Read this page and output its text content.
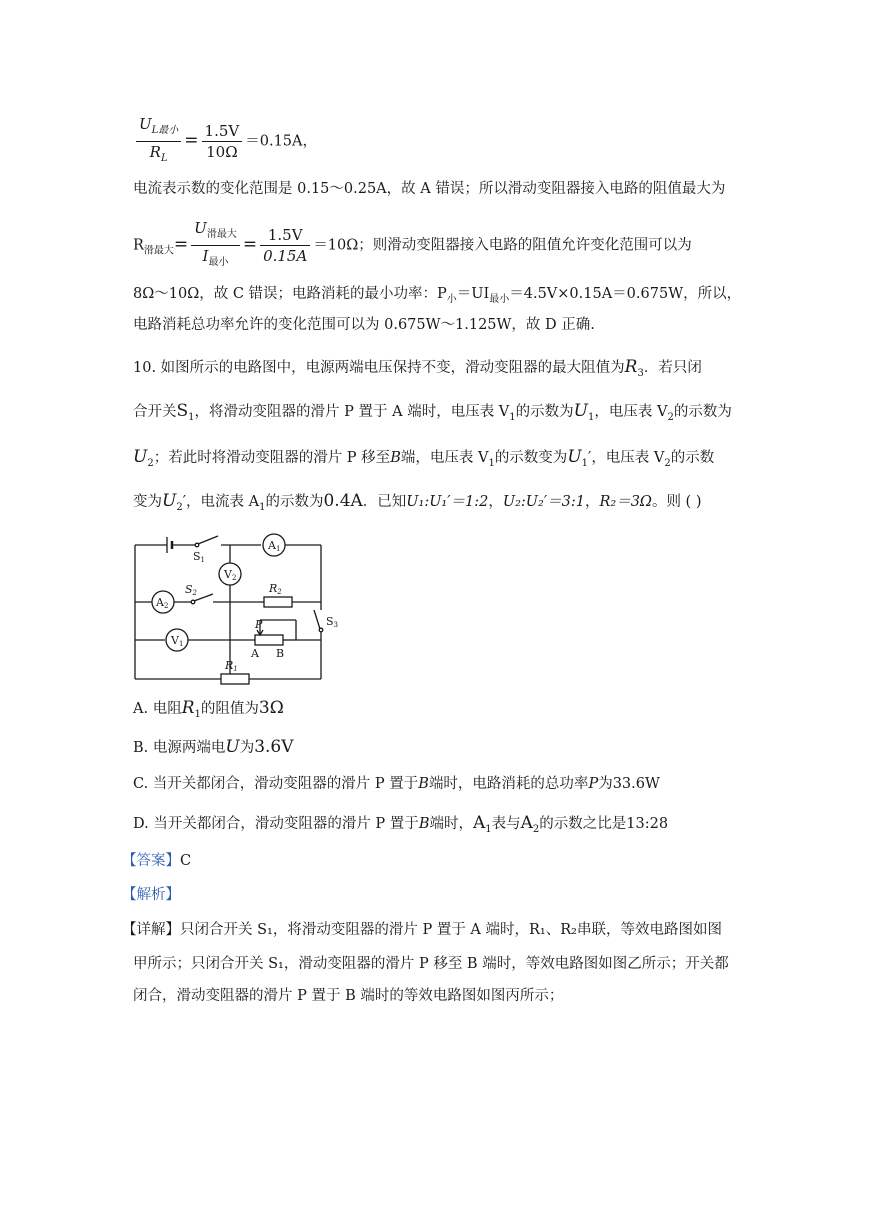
$\frac{U_{L最小}}{R_L} = \frac{1.5V}{10\Omega} =0.15A$，
电流表示数的变化范围是 0.15～0.25A，故 A 错误；所以滑动变阻器接入电路的阻值最大为
$R_{滑最大}= \frac{U_{滑最大}}{I_{最小}} = \frac{1.5V}{0.15A} =10\Omega$；则滑动变阻器接入电路的阻值允许变化范围可以为
8Ω～10Ω，故 C 错误；电路消耗的最小功率：$P_小=UI_{最小}=4.5V\times 0.15A=0.675W$，所以，
电路消耗总功率允许的变化范围可以为 0.675W～1.125W，故 D 正确.
10. 如图所示的电路图中，电源两端电压保持不变，滑动变阻器的最大阻值为$R_3$．若只闭
合开关$S_1$，将滑动变阻器的滑片 P 置于 A 端时，电压表 $V_1$的示数为$U_1$，电压表 $V_2$的示数为
$U_2$；若此时将滑动变阻器的滑片 P 移至B端，电压表 $V_1$的示数变为$U_1'$，电压表 $V_2$的示数
变为$U_2'$，电流表 $A_1$的示数为0.4A．已知U₁:U₁′＝1:2，U₂:U₂′＝3:1，R₂＝3Ω。则 ( )
S1
A1
V2
S2
A2
R2
S3
P
V1
A B
R1
A. 电阻$R_1$的阻值为3Ω
B. 电源两端电U为3.6V
C. 当开关都闭合，滑动变阻器的滑片 P 置于B端时，电路消耗的总功率P为33.6W
D. 当开关都闭合，滑动变阻器的滑片 P 置于B端时，$A_1$表与$A_2$的示数之比是13:28
【答案】C
【解析】
【详解】只闭合开关 S₁，将滑动变阻器的滑片 P 置于 A 端时，R₁、R₂串联，等效电路图如图
甲所示；只闭合开关 S₁，滑动变阻器的滑片 P 移至 B 端时，等效电路图如图乙所示；开关都
闭合，滑动变阻器的滑片 P 置于 B 端时的等效电路图如图丙所示；
